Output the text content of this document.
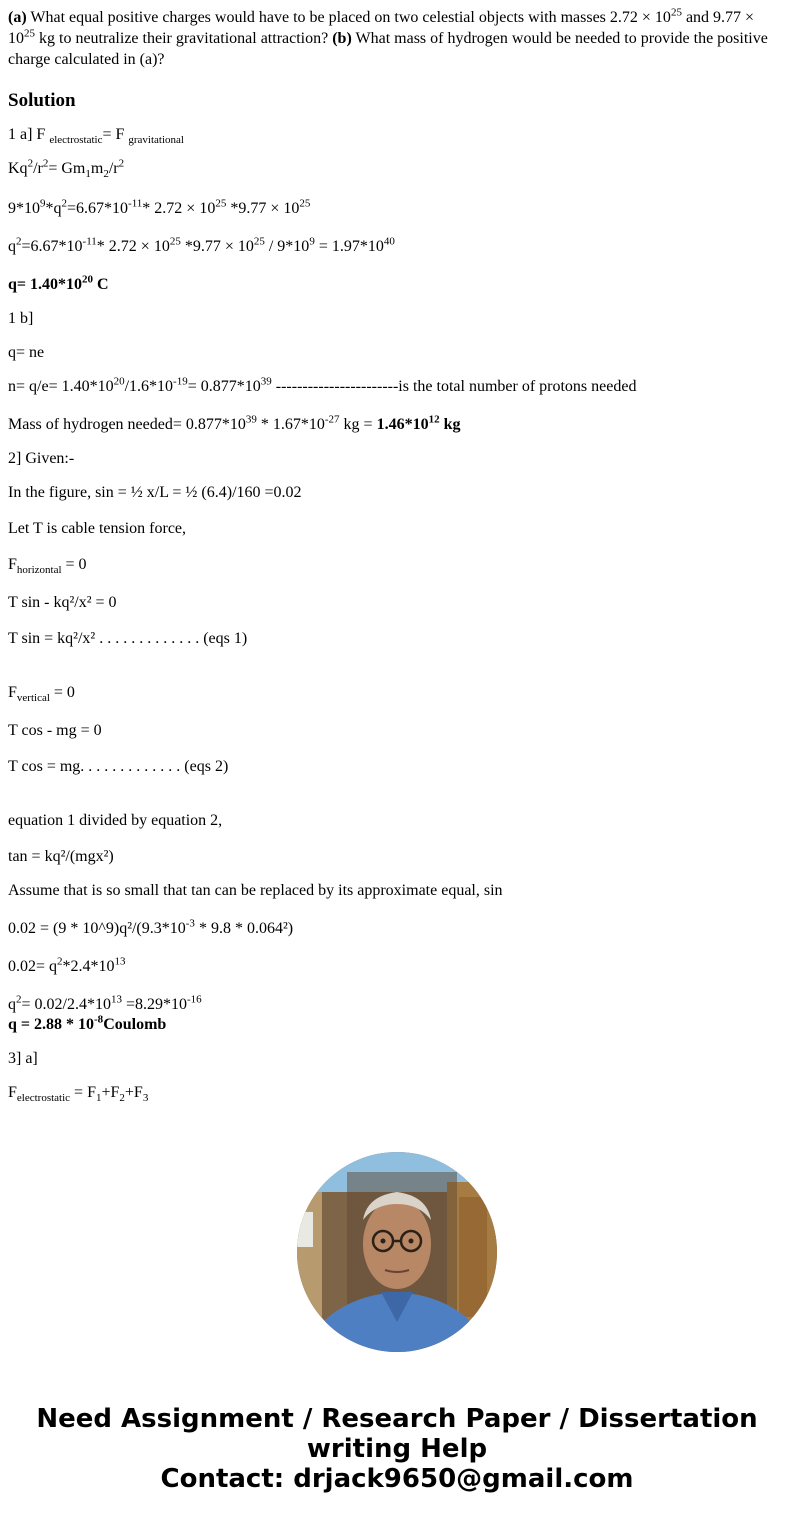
(a) What equal positive charges would have to be placed on two celestial objects with masses $2.72 \times 10^{25}$ and $9.77 \times 10^{25}$ kg to neutralize their gravitational attraction? (b) What mass of hydrogen would be needed to provide the positive charge calculated in (a)?

Solution

1 a] F $_{electrostatic}$= F $_{gravitational}$

$Kq^2/r^2= Gm_1m_2/r^2$

$9*10^9*q^2=6.67*10^{-11}*$ $2.72 \times 10^{25}$ $*9.77 \times 10^{25}$

$q^2=6.67*10^{-11}*$ $2.72 \times 10^{25}$ $*9.77 \times 10^{25} / 9*10^9 = 1.97*10^{40}$

$q= 1.40*10^{20}$ C

1 b]

q= ne

$n= q/e= 1.40*10^{20}/1.6*10^{-19}= 0.877*10^{39}$ -----------------------is the total number of protons needed

Mass of hydrogen needed= $0.877*10^{39} * 1.67*10^{-27}$ kg = $1.46*10^{12}$ kg

2] Given:-

In the figure, sin = ½ x/L = ½ (6.4)/160 =0.02

Let T is cable tension force,

$F_{horizontal} = 0$

T sin - kq²/x² = 0

T sin = kq²/x² . . . . . . . . . . . . . (eqs 1)

$F_{vertical} = 0$

T cos - mg = 0

T cos = mg. . . . . . . . . . . . . (eqs 2)

equation 1 divided by equation 2,

tan = kq²/(mgx²)

Assume that is so small that tan can be replaced by its approximate equal, sin

$0.02 = (9 * 10\^{}9)q^2/(9.3*10^{-3} * 9.8 * 0.064^2)$

$0.02= q^2*2.4*10^{13}$

$q^2= 0.02/2.4*10^{13} =8.29*10^{-16}$

$q = 2.88 * 10^{-8}Coulomb$

3] a]

$F_{electrostatic} = F_1+F_2+F_3$

Need Assignment / Research Paper / Dissertation
writing Help
Contact: drjack9650@gmail.com
